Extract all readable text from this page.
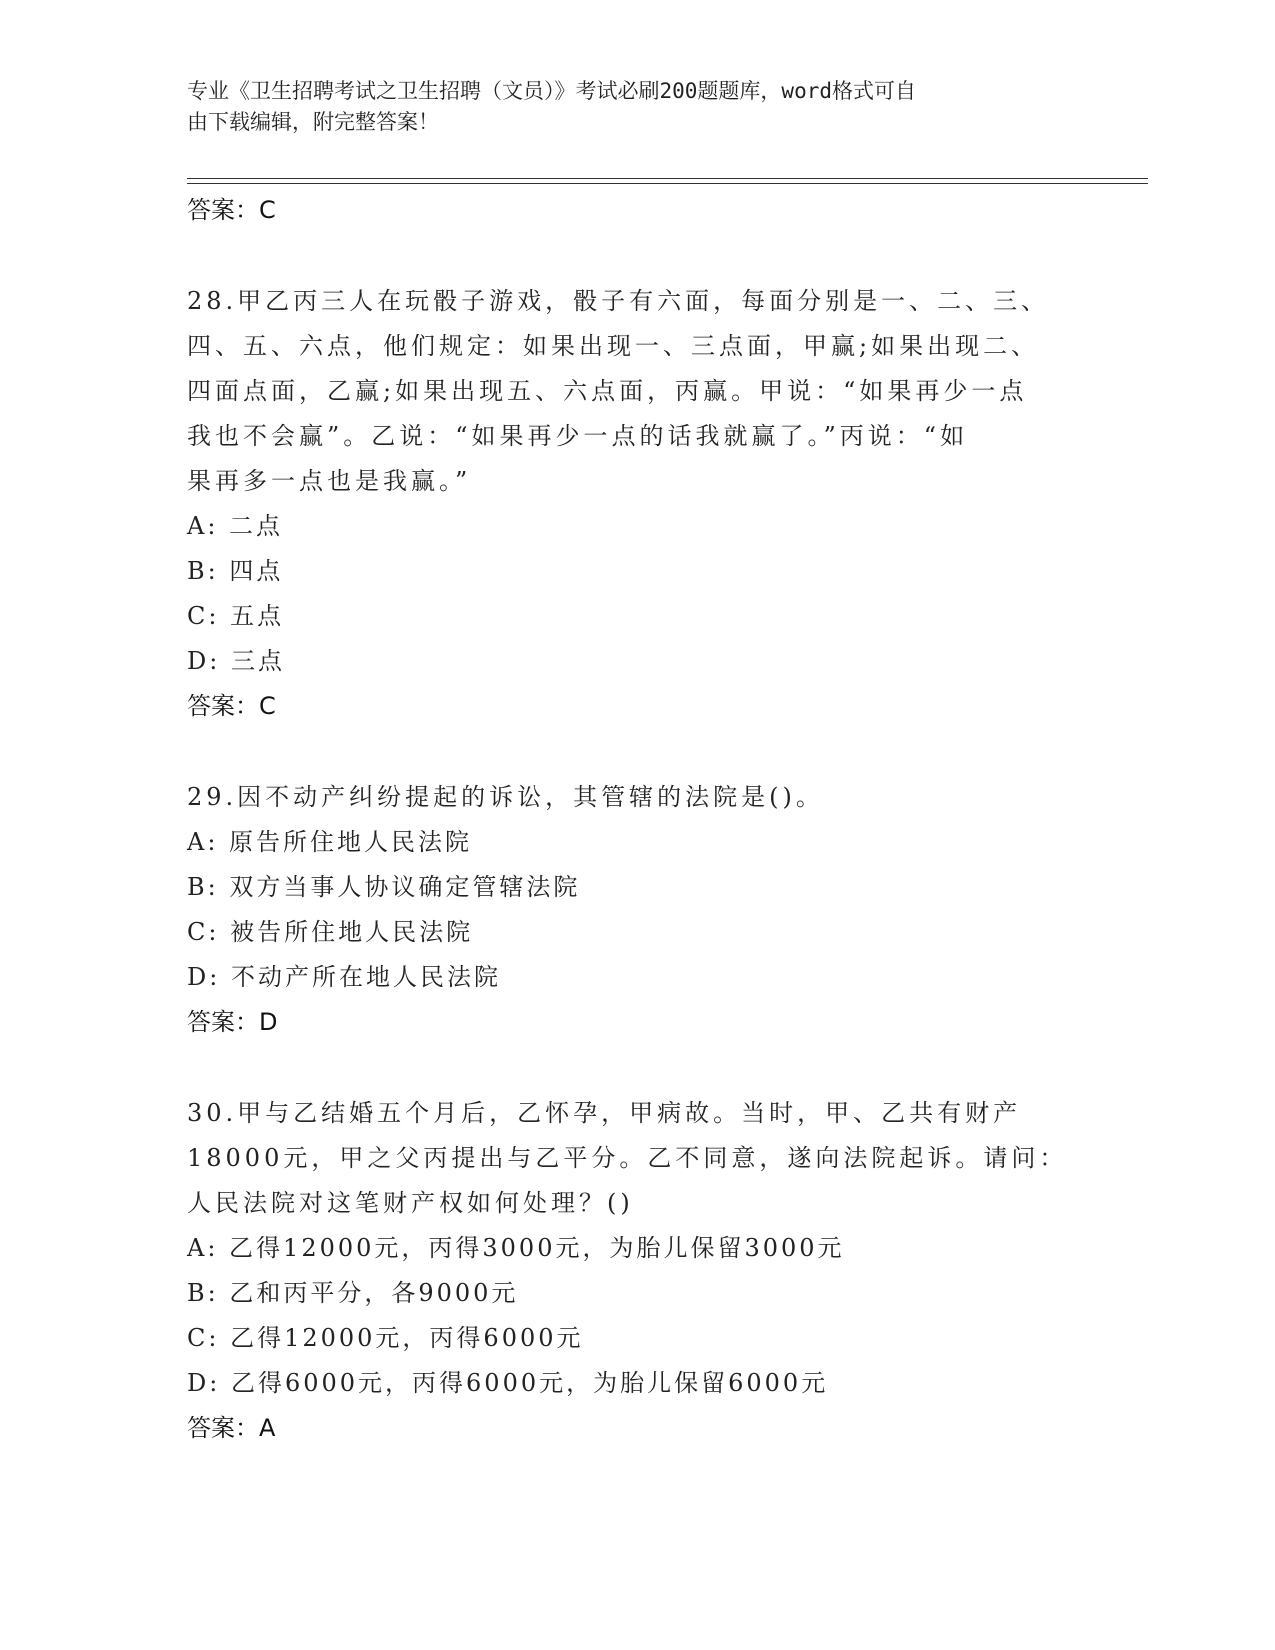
专业《卫生招聘考试之卫生招聘（文员）》考试必刷200题题库，word格式可自
由下载编辑，附完整答案！
答案：C
28.甲乙丙三人在玩骰子游戏，骰子有六面，每面分别是一、二、三、
四、五、六点，他们规定：如果出现一、三点面，甲赢;如果出现二、
四面点面，乙赢;如果出现五、六点面，丙赢。甲说：“如果再少一点
我也不会赢”。乙说：“如果再少一点的话我就赢了。”丙说：“如
果再多一点也是我赢。”
A: 二点
B: 四点
C: 五点
D: 三点
答案：C
29.因不动产纠纷提起的诉讼，其管辖的法院是()。
A: 原告所住地人民法院
B: 双方当事人协议确定管辖法院
C: 被告所住地人民法院
D: 不动产所在地人民法院
答案：D
30.甲与乙结婚五个月后，乙怀孕，甲病故。当时，甲、乙共有财产
18000元，甲之父丙提出与乙平分。乙不同意，遂向法院起诉。请问：
人民法院对这笔财产权如何处理？()
A: 乙得12000元，丙得3000元，为胎儿保留3000元
B: 乙和丙平分，各9000元
C: 乙得12000元，丙得6000元
D: 乙得6000元，丙得6000元，为胎儿保留6000元
答案：A
